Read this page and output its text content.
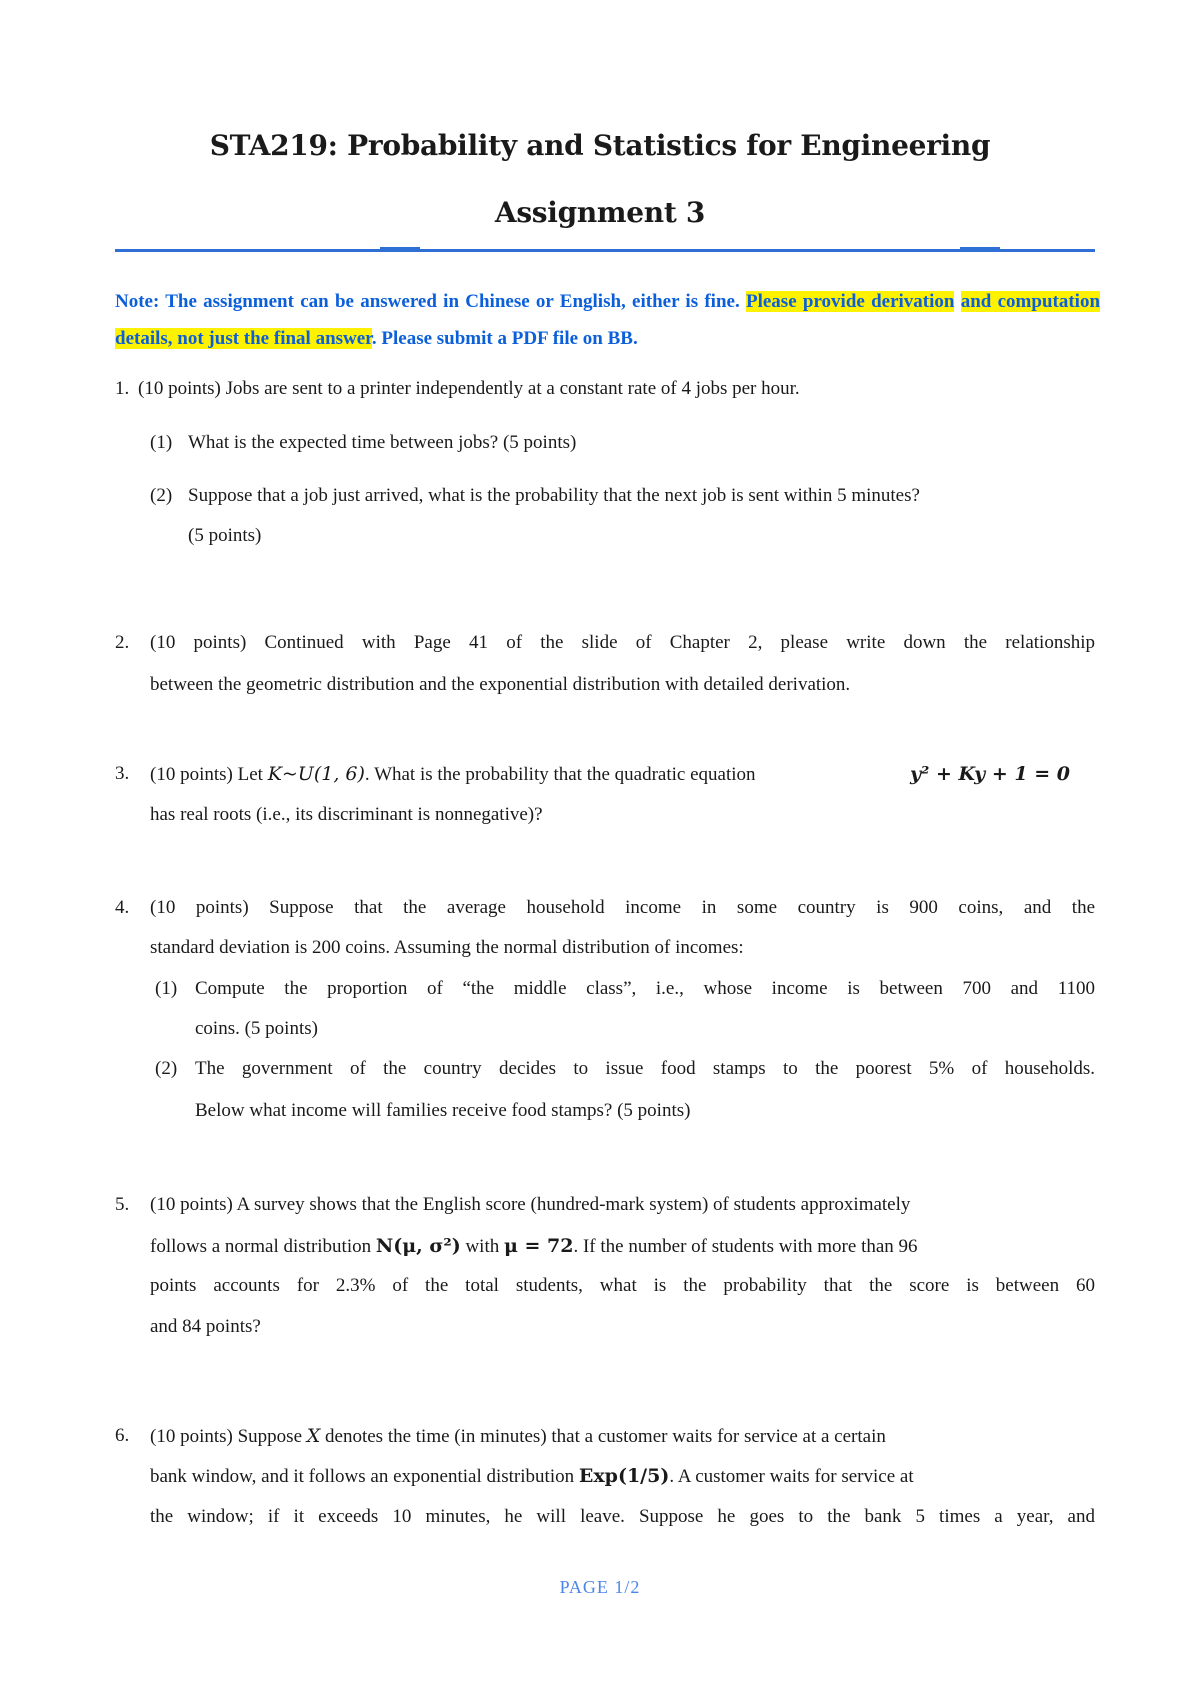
STA219: Probability and Statistics for Engineering
Assignment 3
Note: The assignment can be answered in Chinese or English, either is fine. Please provide derivation and computation details, not just the final answer. Please submit a PDF file on BB.
1. (10 points) Jobs are sent to a printer independently at a constant rate of 4 jobs per hour.
(1) What is the expected time between jobs? (5 points)
(2) Suppose that a job just arrived, what is the probability that the next job is sent within 5 minutes?
(5 points)
2. (10 points) Continued with Page 41 of the slide of Chapter 2, please write down the relationship
between the geometric distribution and the exponential distribution with detailed derivation.
3. (10 points) Let K~U(1, 6). What is the probability that the quadratic equation	y² + Ky + 1 = 0
has real roots (i.e., its discriminant is nonnegative)?
4. (10 points) Suppose that the average household income in some country is 900 coins, and the
standard deviation is 200 coins. Assuming the normal distribution of incomes:
(1) Compute the proportion of “the middle class”, i.e., whose income is between 700 and 1100
coins. (5 points)
(2) The government of the country decides to issue food stamps to the poorest 5% of households.
Below what income will families receive food stamps? (5 points)
5. (10 points) A survey shows that the English score (hundred-mark system) of students approximately
follows a normal distribution N(μ, σ²) with μ = 72. If the number of students with more than 96
points accounts for 2.3% of the total students, what is the probability that the score is between 60
and 84 points?
6. (10 points) Suppose X denotes the time (in minutes) that a customer waits for service at a certain
bank window, and it follows an exponential distribution Exp(1/5). A customer waits for service at
the window; if it exceeds 10 minutes, he will leave. Suppose he goes to the bank 5 times a year, and
PAGE 1/2
